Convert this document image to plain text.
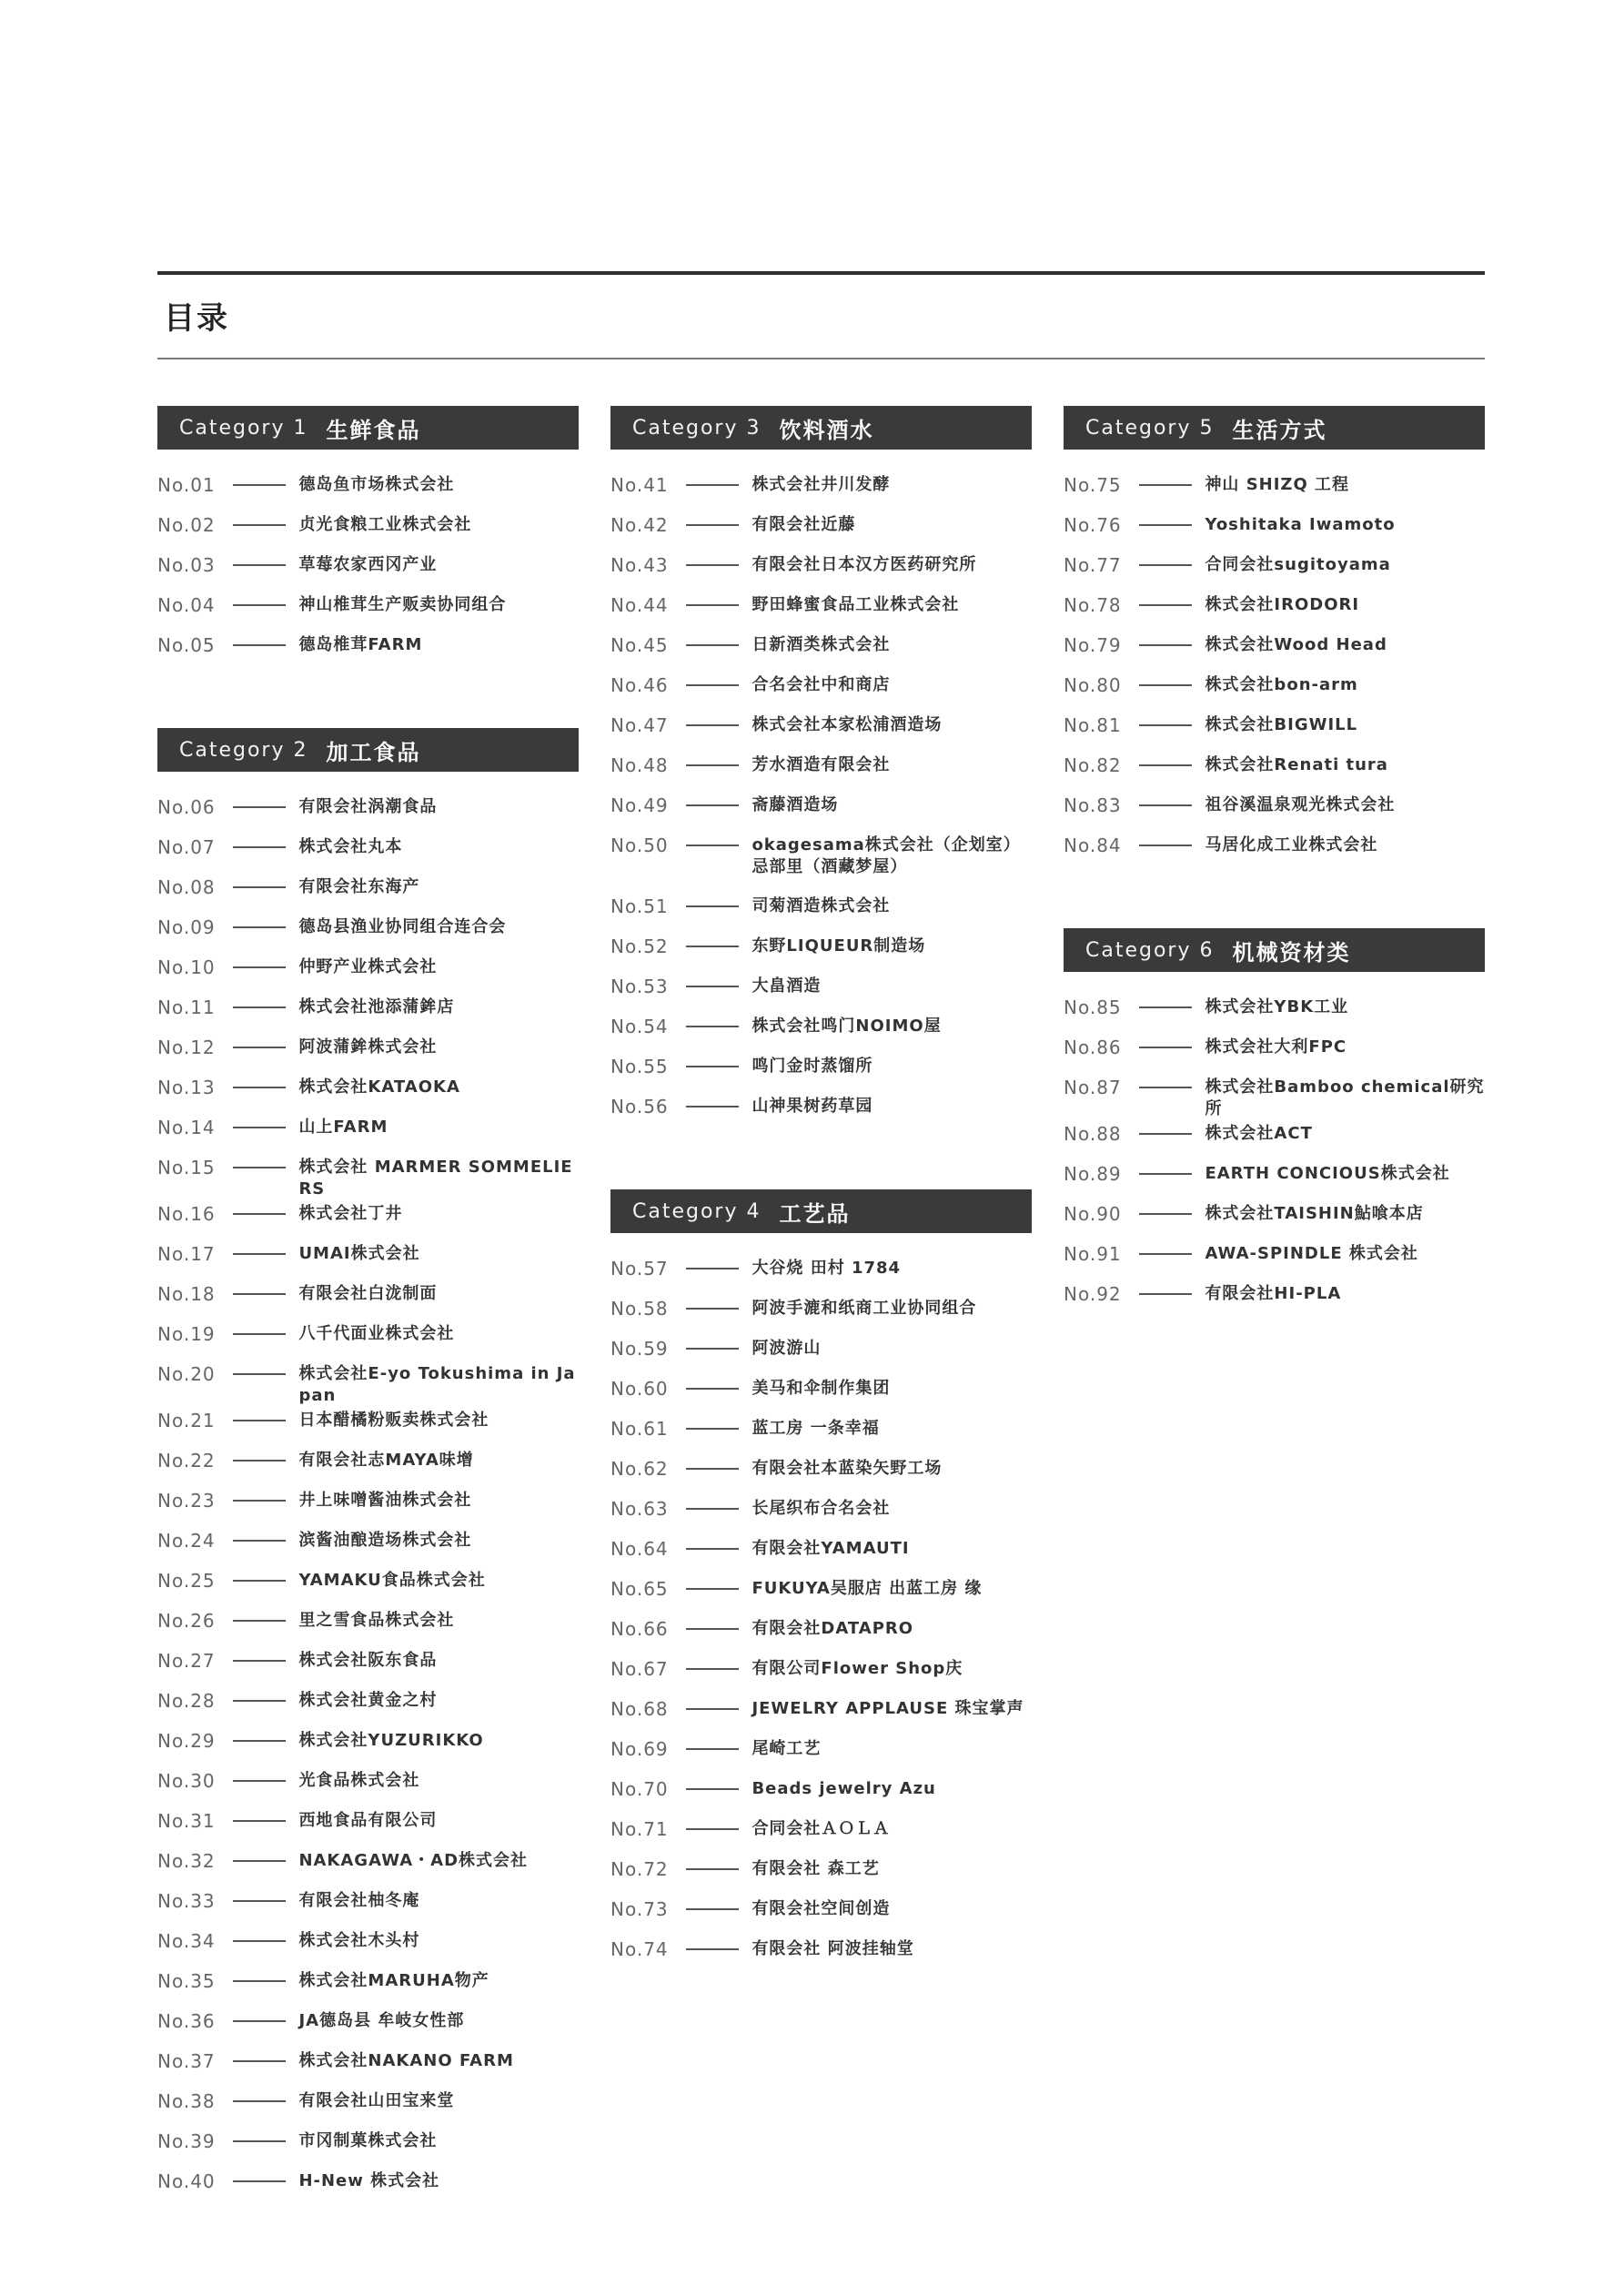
目录
Category 1 生鲜食品
No.01	德岛鱼市场株式会社
No.02	贞光食粮工业株式会社
No.03	草莓农家西冈产业
No.04	神山椎茸生产贩卖协同组合
No.05	德岛椎茸FARM
Category 2 加工食品
No.06	有限会社涡潮食品
No.07	株式会社丸本
No.08	有限会社东海产
No.09	德岛县渔业协同组合连合会
No.10	仲野产业株式会社
No.11	株式会社池添蒲鉾店
No.12	阿波蒲鉾株式会社
No.13	株式会社KATAOKA
No.14	山上FARM
No.15	株式会社 MARMER SOMMELIERS
No.16	株式会社丁井
No.17	UMAI株式会社
No.18	有限会社白泷制面
No.19	八千代面业株式会社
No.20	株式会社E-yo Tokushima in Japan
No.21	日本醋橘粉贩卖株式会社
No.22	有限会社志MAYA味增
No.23	井上味噌酱油株式会社
No.24	滨酱油酿造场株式会社
No.25	YAMAKU食品株式会社
No.26	里之雪食品株式会社
No.27	株式会社阪东食品
No.28	株式会社黄金之村
No.29	株式会社YUZURIKKO
No.30	光食品株式会社
No.31	西地食品有限公司
No.32	NAKAGAWA・AD株式会社
No.33	有限会社柚冬庵
No.34	株式会社木头村
No.35	株式会社MARUHA物产
No.36	JA德岛县 牟岐女性部
No.37	株式会社NAKANO FARM
No.38	有限会社山田宝来堂
No.39	市冈制菓株式会社
No.40	H-New 株式会社
Category 3 饮料酒水
No.41	株式会社井川发酵
No.42	有限会社近藤
No.43	有限会社日本汉方医药研究所
No.44	野田蜂蜜食品工业株式会社
No.45	日新酒类株式会社
No.46	合名会社中和商店
No.47	株式会社本家松浦酒造场
No.48	芳水酒造有限会社
No.49	斋藤酒造场
No.50	okagesama株式会社（企划室）
忌部里（酒藏梦屋）
No.51	司菊酒造株式会社
No.52	东野LIQUEUR制造场
No.53	大畠酒造
No.54	株式会社鸣门NOIMO屋
No.55	鸣门金时蒸馏所
No.56	山神果树药草园
Category 4 工艺品
No.57	大谷烧 田村 1784
No.58	阿波手漉和纸商工业协同组合
No.59	阿波游山
No.60	美马和伞制作集团
No.61	蓝工房 一条幸福
No.62	有限会社本蓝染矢野工场
No.63	长尾织布合名会社
No.64	有限会社YAMAUTI
No.65	FUKUYA吴服店 出蓝工房 缘
No.66	有限会社DATAPRO
No.67	有限公司Flower Shop庆
No.68	JEWELRY APPLAUSE 珠宝掌声
No.69	尾崎工艺
No.70	Beads jewelry Azu
No.71	合同会社ＡＯＬＡ
No.72	有限会社 森工艺
No.73	有限会社空间创造
No.74	有限会社 阿波挂轴堂
Category 5 生活方式
No.75	神山 SHIZQ 工程
No.76	Yoshitaka Iwamoto
No.77	合同会社sugitoyama
No.78	株式会社IRODORI
No.79	株式会社Wood Head
No.80	株式会社bon-arm
No.81	株式会社BIGWILL
No.82	株式会社Renati tura
No.83	祖谷溪温泉观光株式会社
No.84	马居化成工业株式会社
Category 6 机械资材类
No.85	株式会社YBK工业
No.86	株式会社大利FPC
No.87	株式会社Bamboo chemical研究所
No.88	株式会社ACT
No.89	EARTH CONCIOUS株式会社
No.90	株式会社TAISHIN鮎喰本店
No.91	AWA-SPINDLE 株式会社
No.92	有限会社HI-PLA
